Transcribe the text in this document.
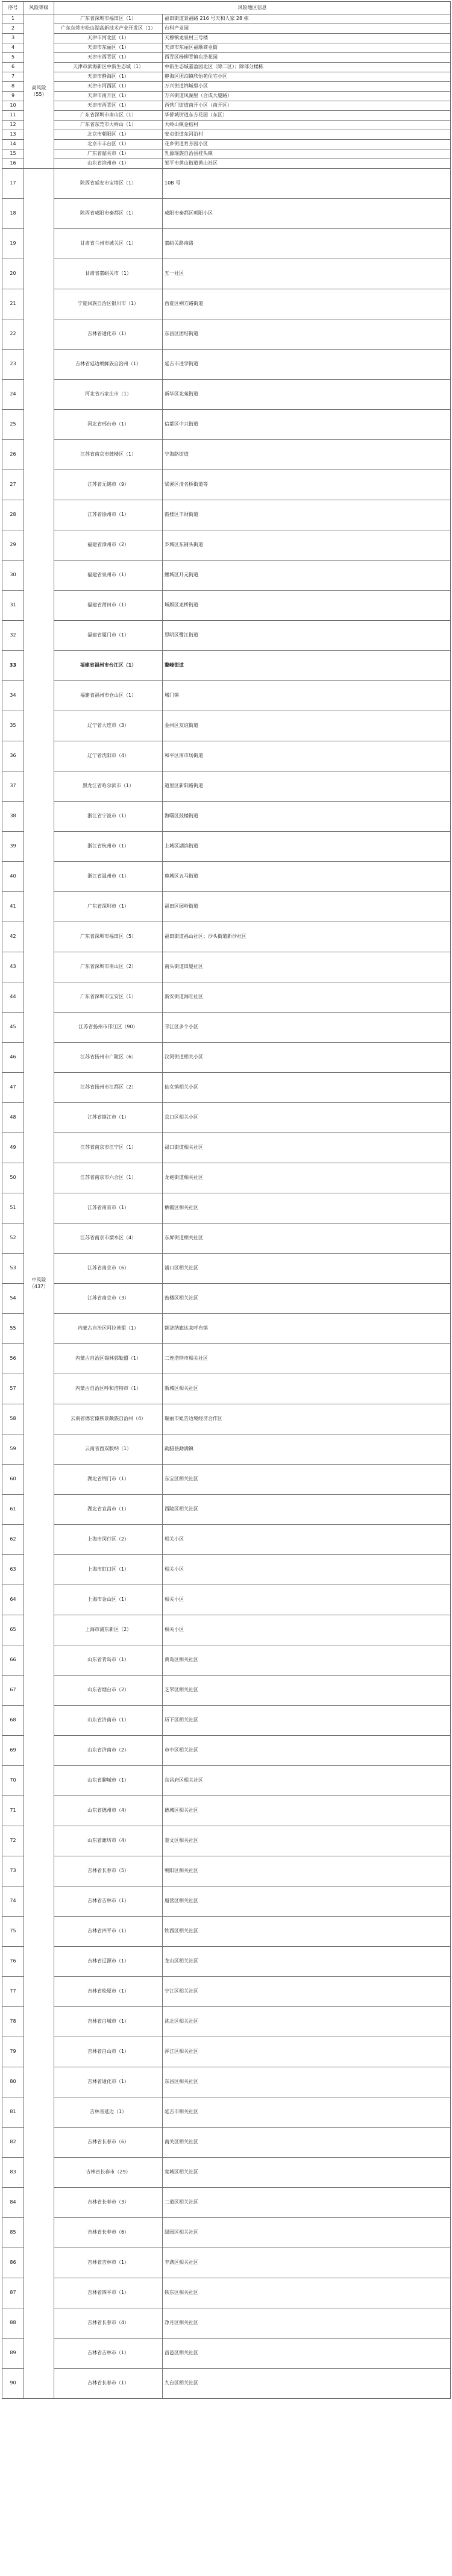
序号	风险等级	风险地区信息	
1	高风险（55）	广东省深圳市福田区（1）	福田街道景福路 216 号天和人家 28 栋
2		广东东莞市松山湖高新技术产业开发区（1）	台科产业园
3		天津市河北区（1）	天穆镇龙泉村三号楼
4		天津市东丽区（1）	天津市东丽区福顺商业街
5		天津市西青区（1）	西青区杨柳青镇东浩花园
6		天津市滨海新区中新生态城（1）	中新生态城嘉盈园北区（除二区）；除部分楼栋
7		天津市静海区（1）	静海区团泊镇欣怡苑住宅小区
8		天津市河西区（1）	万兴街道锦城里小区
9		天津市南开区（1）	万兴街道风湖里（合成大厦路）
10		天津市西青区（1）	西营门街道南开小区（南开区）
11		广东省深圳市南山区（1）	华侨城街道东方花园（东区）
12		广东省东莞市大岭山（1）	大岭山镇金桔村
13		北京市朝阳区（1）	安贞街道东河沿村
14		北京市丰台区（1）	花乡街道育芳园小区
15		广东省韶关市（1）	乳源瑶族自治县桂头镇
16		山东省滨州市（1）	邹平市黄山街道黄山社区
17	中风险（437）	陕西省延安市宝塔区（1）	10B 号
18		陕西省咸阳市秦都区（1）	咸阳市秦都区朝阳小区
19		甘肃省兰州市城关区（1）	嘉峪关路南路
20		甘肃省嘉峪关市（1）	五一社区
21		宁夏回族自治区银川市（1）	西夏区朔方路街道
22		吉林省通化市（1）	东昌区团结街道
23		吉林省延边朝鲜族自治州（1）	延吉市进学街道
24		河北省石家庄市（1）	新华区北苑街道
25		河北省邢台市（1）	信都区中兴街道
26		江苏省南京市鼓楼区（1）	宁海路街道
27		江苏省无锡市（9）	梁溪区清名桥街道等
28		江苏省徐州市（1）	鼓楼区丰财街道
29		福建省漳州市（2）	芗城区东铺头街道
30		福建省泉州市（1）	鲤城区开元街道
31		福建省莆田市（1）	城厢区龙桥街道
32		福建省厦门市（1）	思明区鹭江街道
33		福建省福州市台江区（1）	鳌峰街道
34		福建省福州市仓山区（1）	城门镇
35		辽宁省大连市（3）	金州区友谊街道
36		辽宁省沈阳市（4）	和平区南市场街道
37		黑龙江省哈尔滨市（1）	道里区新阳路街道
38		浙江省宁波市（1）	海曙区鼓楼街道
39		浙江省杭州市（1）	上城区湖滨街道
40		浙江省温州市（1）	鹿城区五马街道
41		广东省深圳市（1）	福田区园岭街道
42		广东省深圳市福田区（5）	福田街道福山社区；沙头街道新沙社区
43		广东省深圳市南山区（2）	南头街道田厦社区
44		广东省深圳市宝安区（1）	新安街道海旺社区
45		江苏省扬州市邗江区（90）	邗江区多个小区
46		江苏省扬州市广陵区（6）	汶河街道相关小区
47		江苏省扬州市江都区（2）	仙女镇相关小区
48		江苏省镇江市（1）	京口区相关小区
49		江苏省南京市江宁区（1）	禄口街道相关社区
50		江苏省南京市六合区（1）	龙袍街道相关社区
51		江苏省南京市（1）	栖霞区相关社区
52		江苏省南京市溧水区（4）	东屏街道相关社区
53		江苏省南京市（6）	浦口区相关社区
54		江苏省南京市（3）	鼓楼区相关社区
55		内蒙古自治区阿拉善盟（1）	额济纳旗达来呼布镇
56		内蒙古自治区锡林郭勒盟（1）	二连浩特市相关社区
57		内蒙古自治区呼和浩特市（1）	新城区相关社区
58		云南省德宏傣族景颇族自治州（4）	瑞丽市姐告边境经济合作区
59		云南省西双版纳（1）	勐腊县勐满镇
60		湖北省荆门市（1）	东宝区相关社区
61		湖北省宜昌市（1）	西陵区相关社区
62		上海市闵行区（2）	相关小区
63		上海市虹口区（1）	相关小区
64		上海市金山区（1）	相关小区
65		上海市浦东新区（2）	相关小区
66		山东省青岛市（1）	黄岛区相关社区
67		山东省烟台市（2）	芝罘区相关社区
68		山东省济南市（1）	历下区相关社区
69		山东省济南市（2）	市中区相关社区
70		山东省聊城市（1）	东昌府区相关社区
71		山东省德州市（4）	德城区相关社区
72		山东省潍坊市（4）	奎文区相关社区
73		吉林省长春市（5）	朝阳区相关社区
74		吉林省吉林市（1）	船营区相关社区
75		吉林省四平市（1）	铁西区相关社区
76		吉林省辽源市（1）	龙山区相关社区
77		吉林省松原市（1）	宁江区相关社区
78		吉林省白城市（1）	洮北区相关社区
79		吉林省白山市（1）	浑江区相关社区
80		吉林省通化市（1）	东昌区相关社区
81		吉林省延边（1）	延吉市相关社区
82		吉林省长春市（6）	南关区相关社区
83		吉林省长春市（29）	宽城区相关社区
84		吉林省长春市（3）	二道区相关社区
85		吉林省长春市（6）	绿园区相关社区
86		吉林省吉林市（1）	丰满区相关社区
87		吉林省四平市（1）	铁东区相关社区
88		吉林省长春市（4）	净月区相关社区
89		吉林省吉林市（1）	昌邑区相关社区
90		吉林省长春市（1）	九台区相关社区
